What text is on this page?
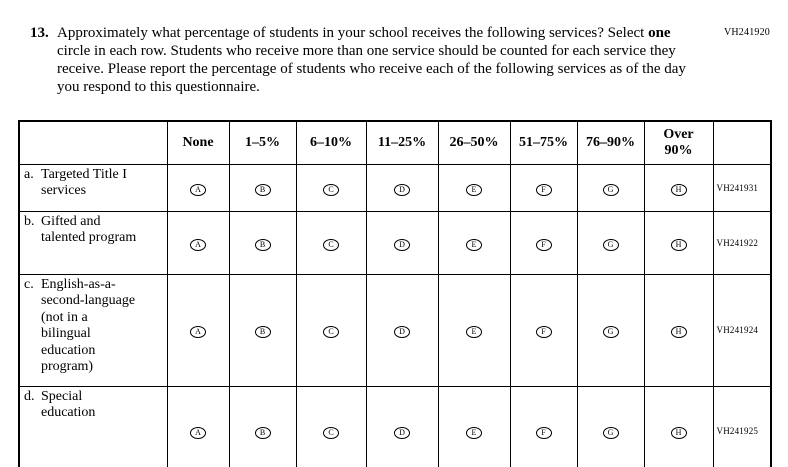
VH241920
13. Approximately what percentage of students in your school receives the following services? Select one circle in each row. Students who receive more than one service should be counted for each service they receive. Please report the percentage of students who receive each of the following services as of the day you respond to this questionnaire.
	None	1–5%	6–10%	11–25%	26–50%	51–75%	76–90%	Over 90%	

a. Targeted Title I services	A	B	C	D	E	F	G	H	VH241931

b. Gifted and talented program	A	B	C	D	E	F	G	H	VH241922

c. English-as-a-second-language (not in a bilingual education program)	A	B	C	D	E	F	G	H	VH241924

d. Special education	A	B	C	D	E	F	G	H	VH241925
